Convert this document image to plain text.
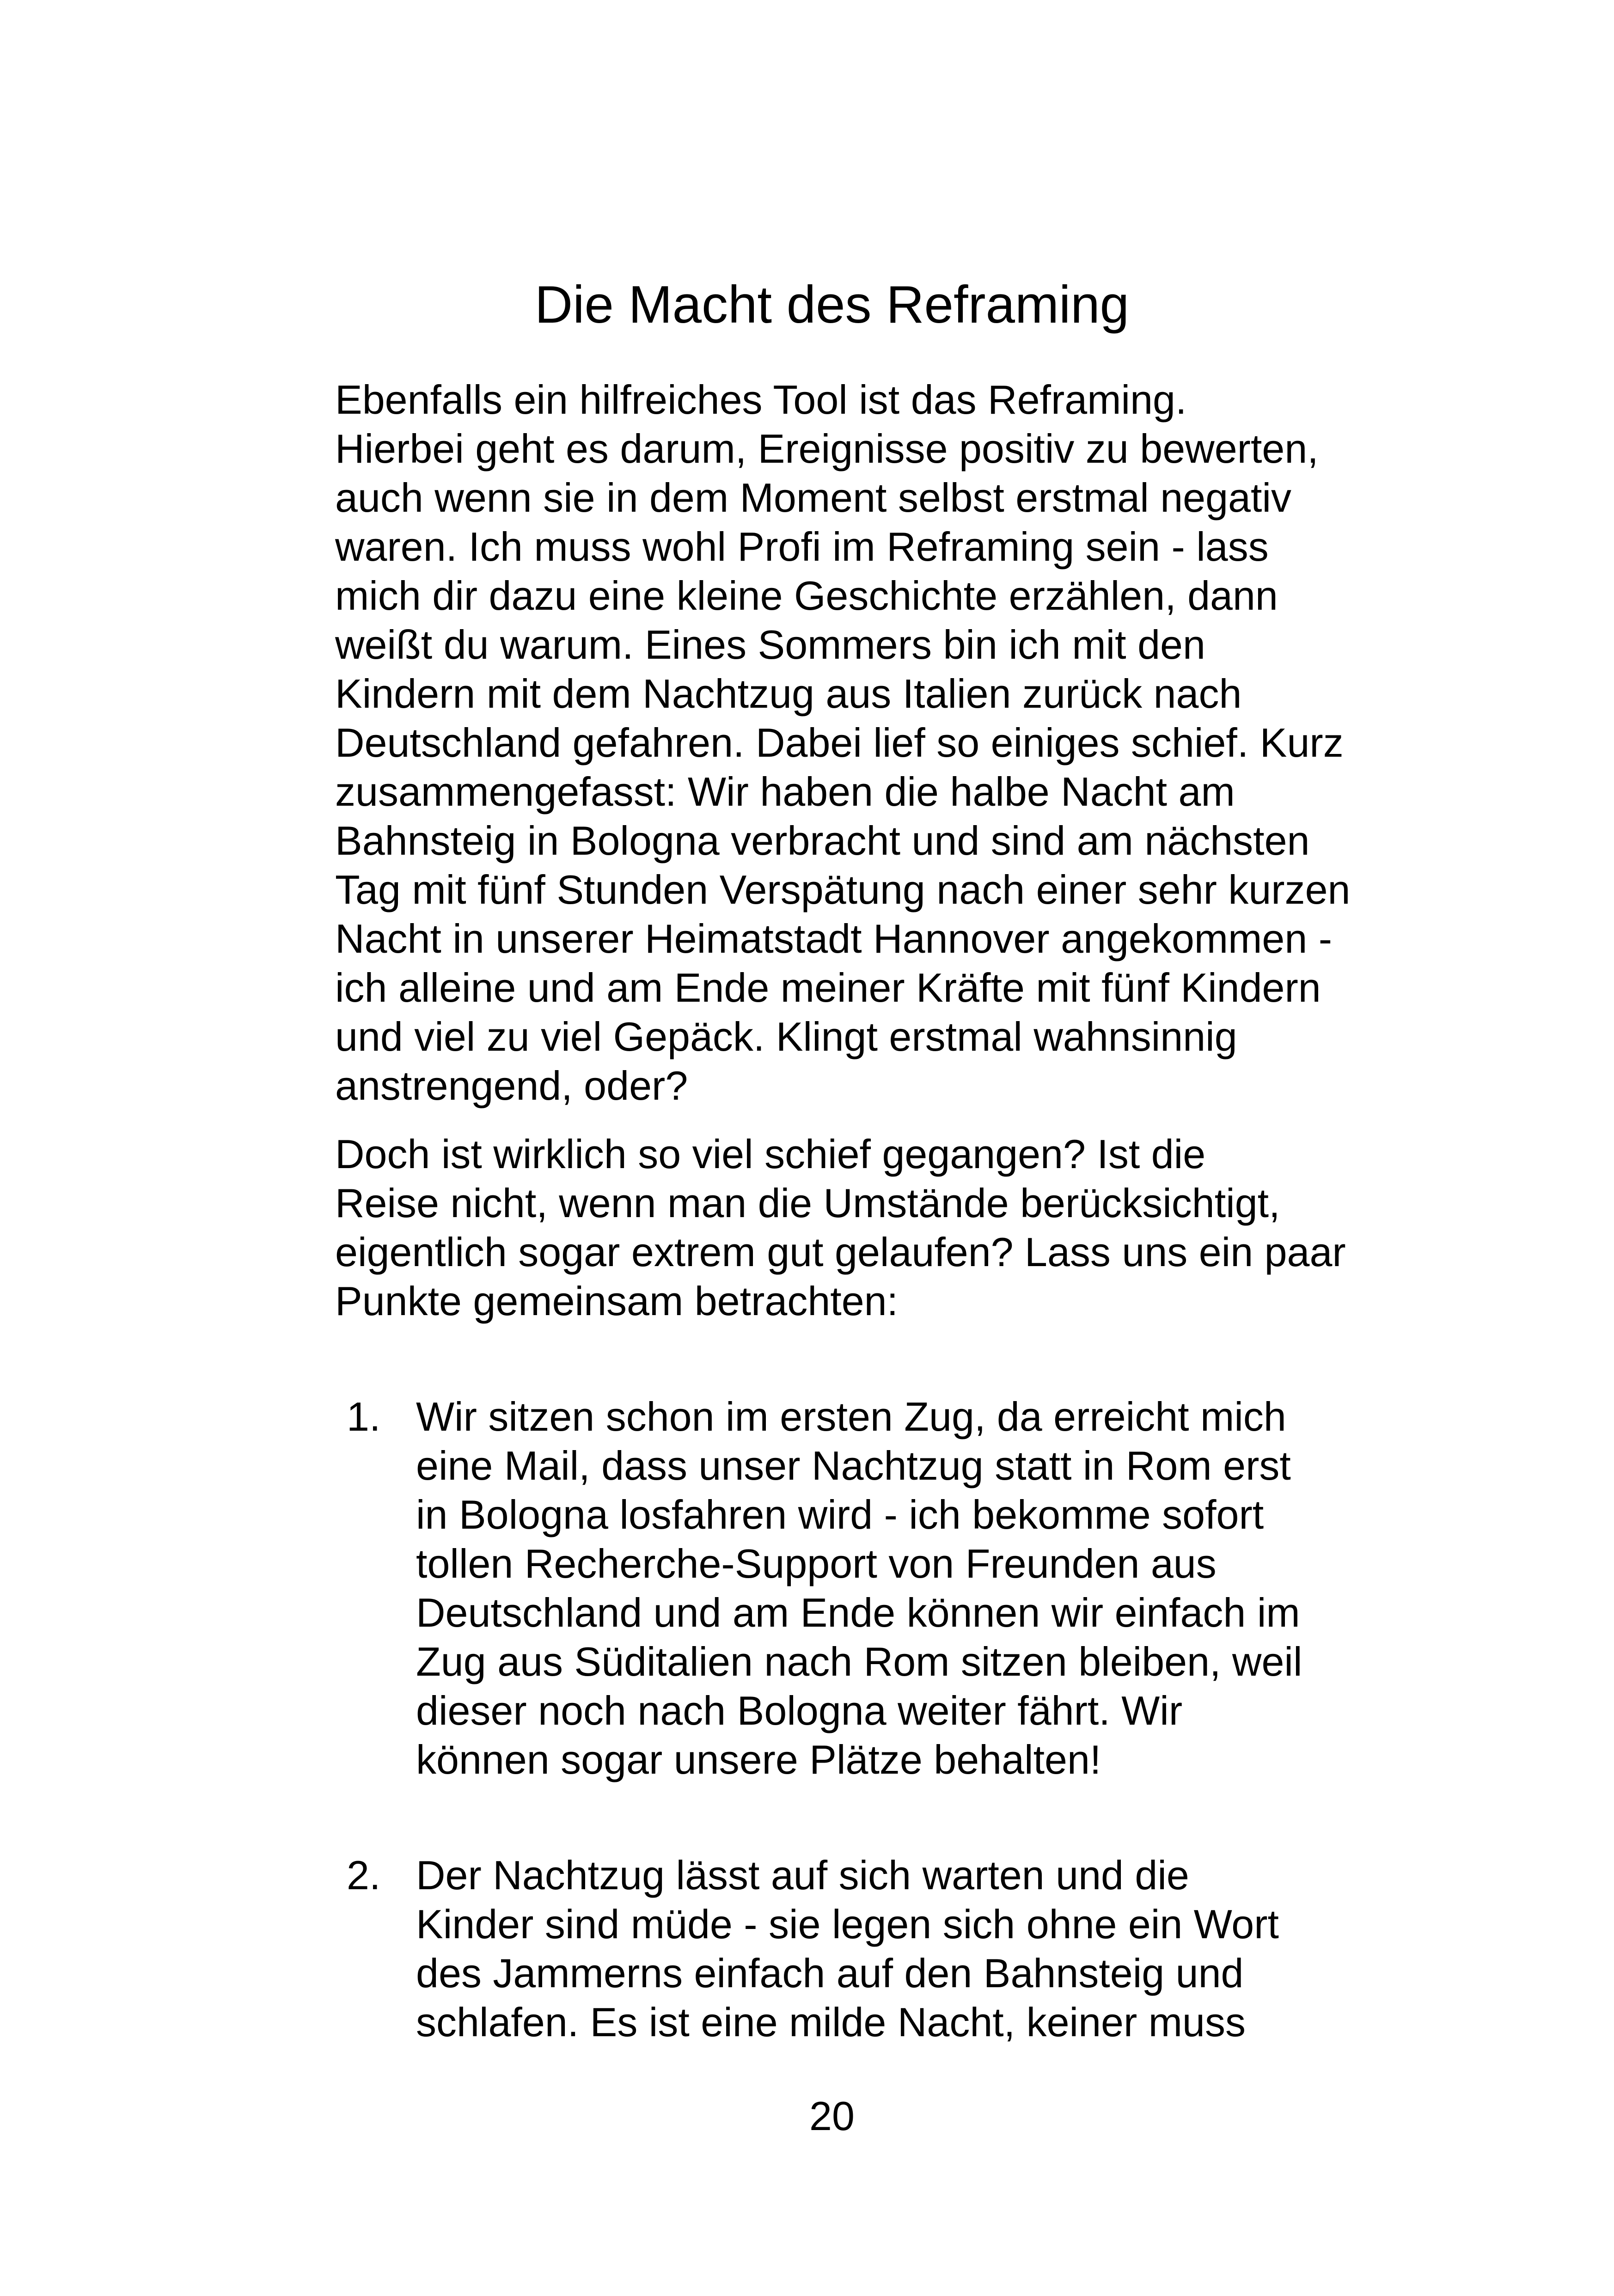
Die Macht des Reframing

Ebenfalls ein hilfreiches Tool ist das Reframing.
Hierbei geht es darum, Ereignisse positiv zu bewerten,
auch wenn sie in dem Moment selbst erstmal negativ
waren. Ich muss wohl Profi im Reframing sein - lass
mich dir dazu eine kleine Geschichte erzählen, dann
weißt du warum. Eines Sommers bin ich mit den
Kindern mit dem Nachtzug aus Italien zurück nach
Deutschland gefahren. Dabei lief so einiges schief. Kurz
zusammengefasst: Wir haben die halbe Nacht am
Bahnsteig in Bologna verbracht und sind am nächsten
Tag mit fünf Stunden Verspätung nach einer sehr kurzen
Nacht in unserer Heimatstadt Hannover angekommen -
ich alleine und am Ende meiner Kräfte mit fünf Kindern
und viel zu viel Gepäck. Klingt erstmal wahnsinnig
anstrengend, oder?

Doch ist wirklich so viel schief gegangen? Ist die
Reise nicht, wenn man die Umstände berücksichtigt,
eigentlich sogar extrem gut gelaufen? Lass uns ein paar
Punkte gemeinsam betrachten:

1. Wir sitzen schon im ersten Zug, da erreicht mich
eine Mail, dass unser Nachtzug statt in Rom erst
in Bologna losfahren wird - ich bekomme sofort
tollen Recherche-Support von Freunden aus
Deutschland und am Ende können wir einfach im
Zug aus Süditalien nach Rom sitzen bleiben, weil
dieser noch nach Bologna weiter fährt. Wir
können sogar unsere Plätze behalten!
2. Der Nachtzug lässt auf sich warten und die
Kinder sind müde - sie legen sich ohne ein Wort
des Jammerns einfach auf den Bahnsteig und
schlafen. Es ist eine milde Nacht, keiner muss
20
